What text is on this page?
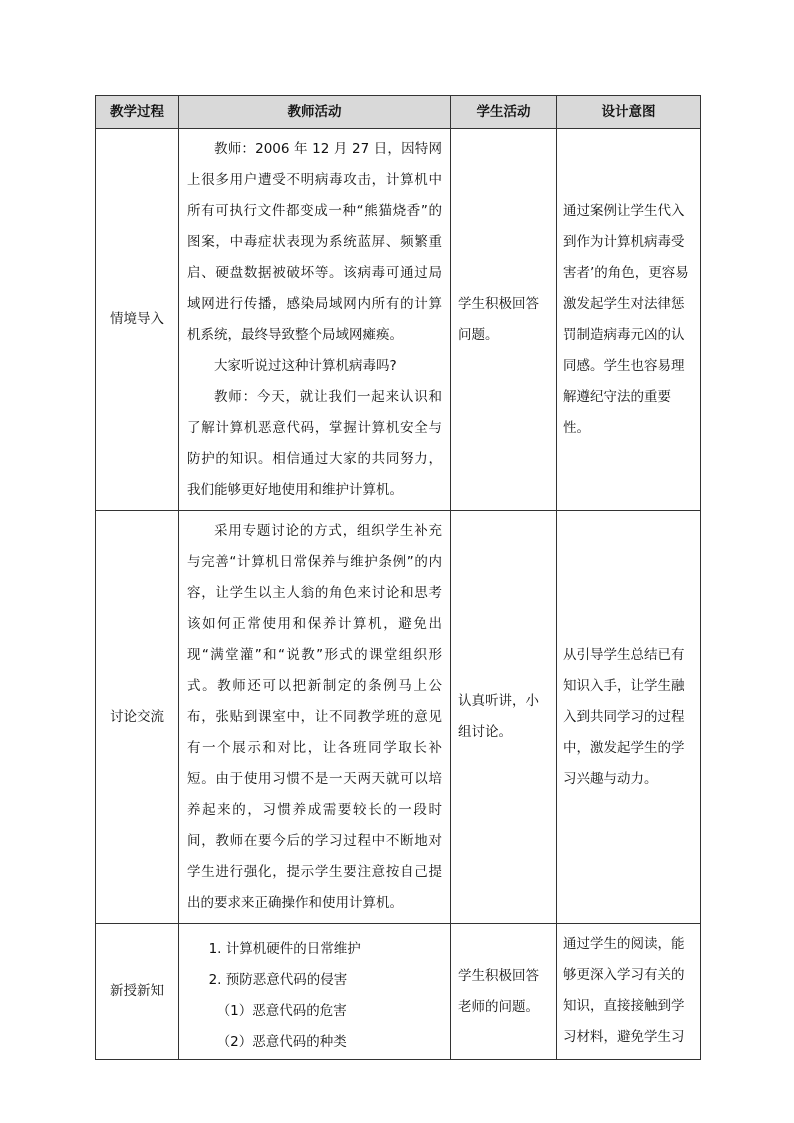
教学过程	教师活动	学生活动	设计意图
情境导入	教师：2006 年 12 月 27 日，因特网上很多用户遭受不明病毒攻击，计算机中所有可执行文件都变成一种“熊猫烧香”的图案，中毒症状表现为系统蓝屏、频繁重启、硬盘数据被破坏等。该病毒可通过局域网进行传播，感染局域网内所有的计算机系统，最终导致整个局域网瘫痪。

大家听说过这种计算机病毒吗?

教师：今天，就让我们一起来认识和了解计算机恶意代码，掌握计算机安全与防护的知识。相信通过大家的共同努力，我们能够更好地使用和维护计算机。	学生积极回答问题。	通过案例让学生代入到作为计算机病毒受害者’的角色，更容易激发起学生对法律惩罚制造病毒元凶的认同感。学生也容易理解遵纪守法的重要性。
讨论交流	采用专题讨论的方式，组织学生补充与完善“计算机日常保养与维护条例”的内容，让学生以主人翁的角色来讨论和思考该如何正常使用和保养计算机，避免出现“满堂灌”和“说教”形式的课堂组织形式。教师还可以把新制定的条例马上公布，张贴到课室中，让不同教学班的意见有一个展示和对比，让各班同学取长补短。由于使用习惯不是一天两天就可以培养起来的，习惯养成需要较长的一段时间，教师在要今后的学习过程中不断地对学生进行强化，提示学生要注意按自己提出的要求来正确操作和使用计算机。	认真听讲，小组讨论。	从引导学生总结已有知识入手，让学生融入到共同学习的过程中，激发起学生的学习兴趣与动力。
新授新知	1. 计算机硬件的日常维护

2. 预防恶意代码的侵害

（1）恶意代码的危害

（2）恶意代码的种类	学生积极回答老师的问题。	通过学生的阅读，能够更深入学习有关的知识，直接接触到学习材料，避免学生习
